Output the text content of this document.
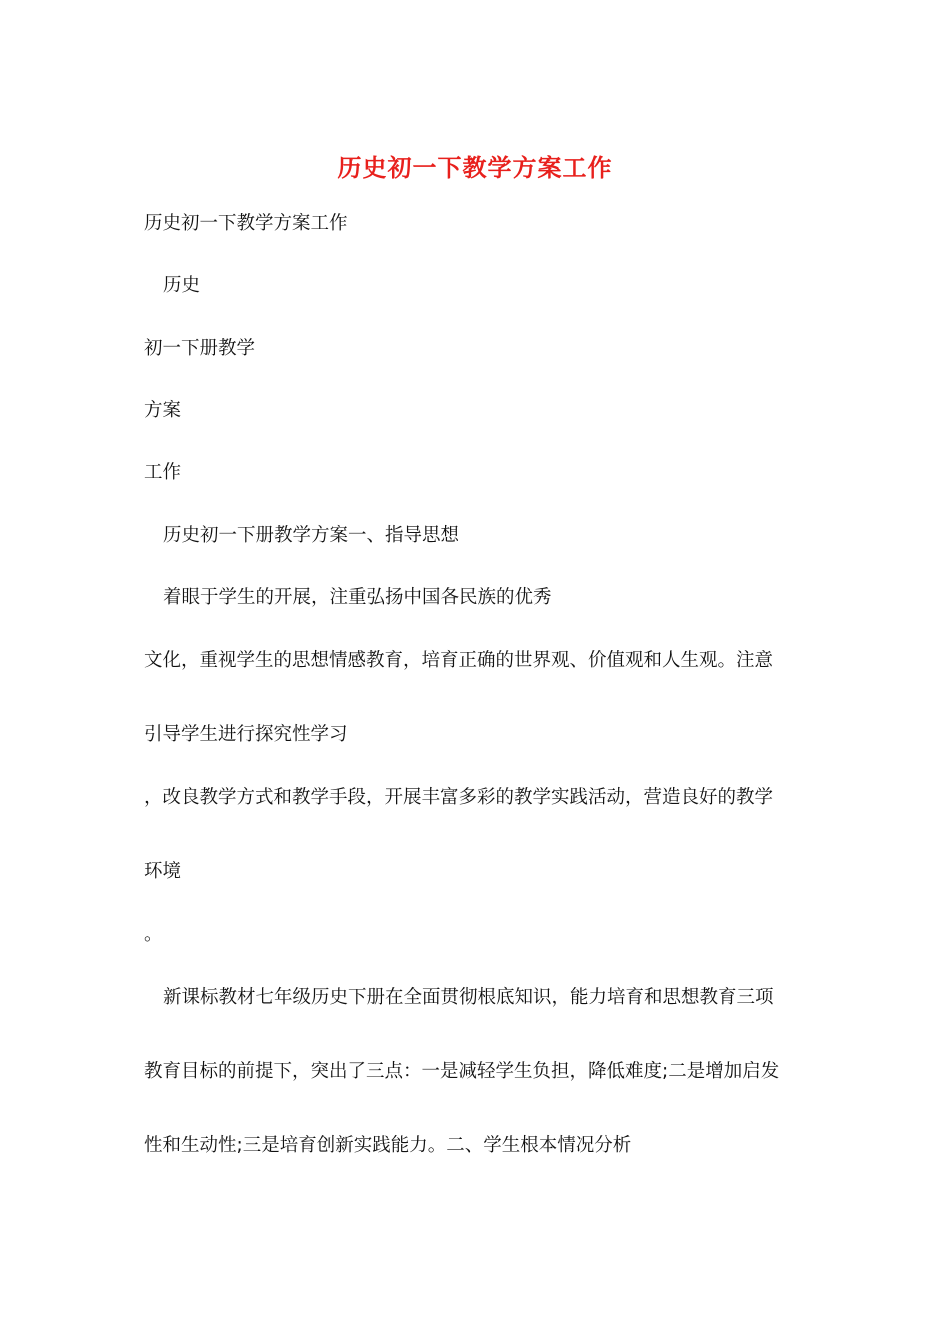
历史初一下教学方案工作
历史初一下教学方案工作
历史
初一下册教学
方案
工作
历史初一下册教学方案一、指导思想
着眼于学生的开展，注重弘扬中国各民族的优秀
文化，重视学生的思想情感教育，培育正确的世界观、价值观和人生观。注意
引导学生进行探究性学习
，改良教学方式和教学手段，开展丰富多彩的教学实践活动，营造良好的教学
环境
。
新课标教材七年级历史下册在全面贯彻根底知识，能力培育和思想教育三项
教育目标的前提下，突出了三点：一是减轻学生负担，降低难度;二是增加启发
性和生动性;三是培育创新实践能力。二、学生根本情况分析
